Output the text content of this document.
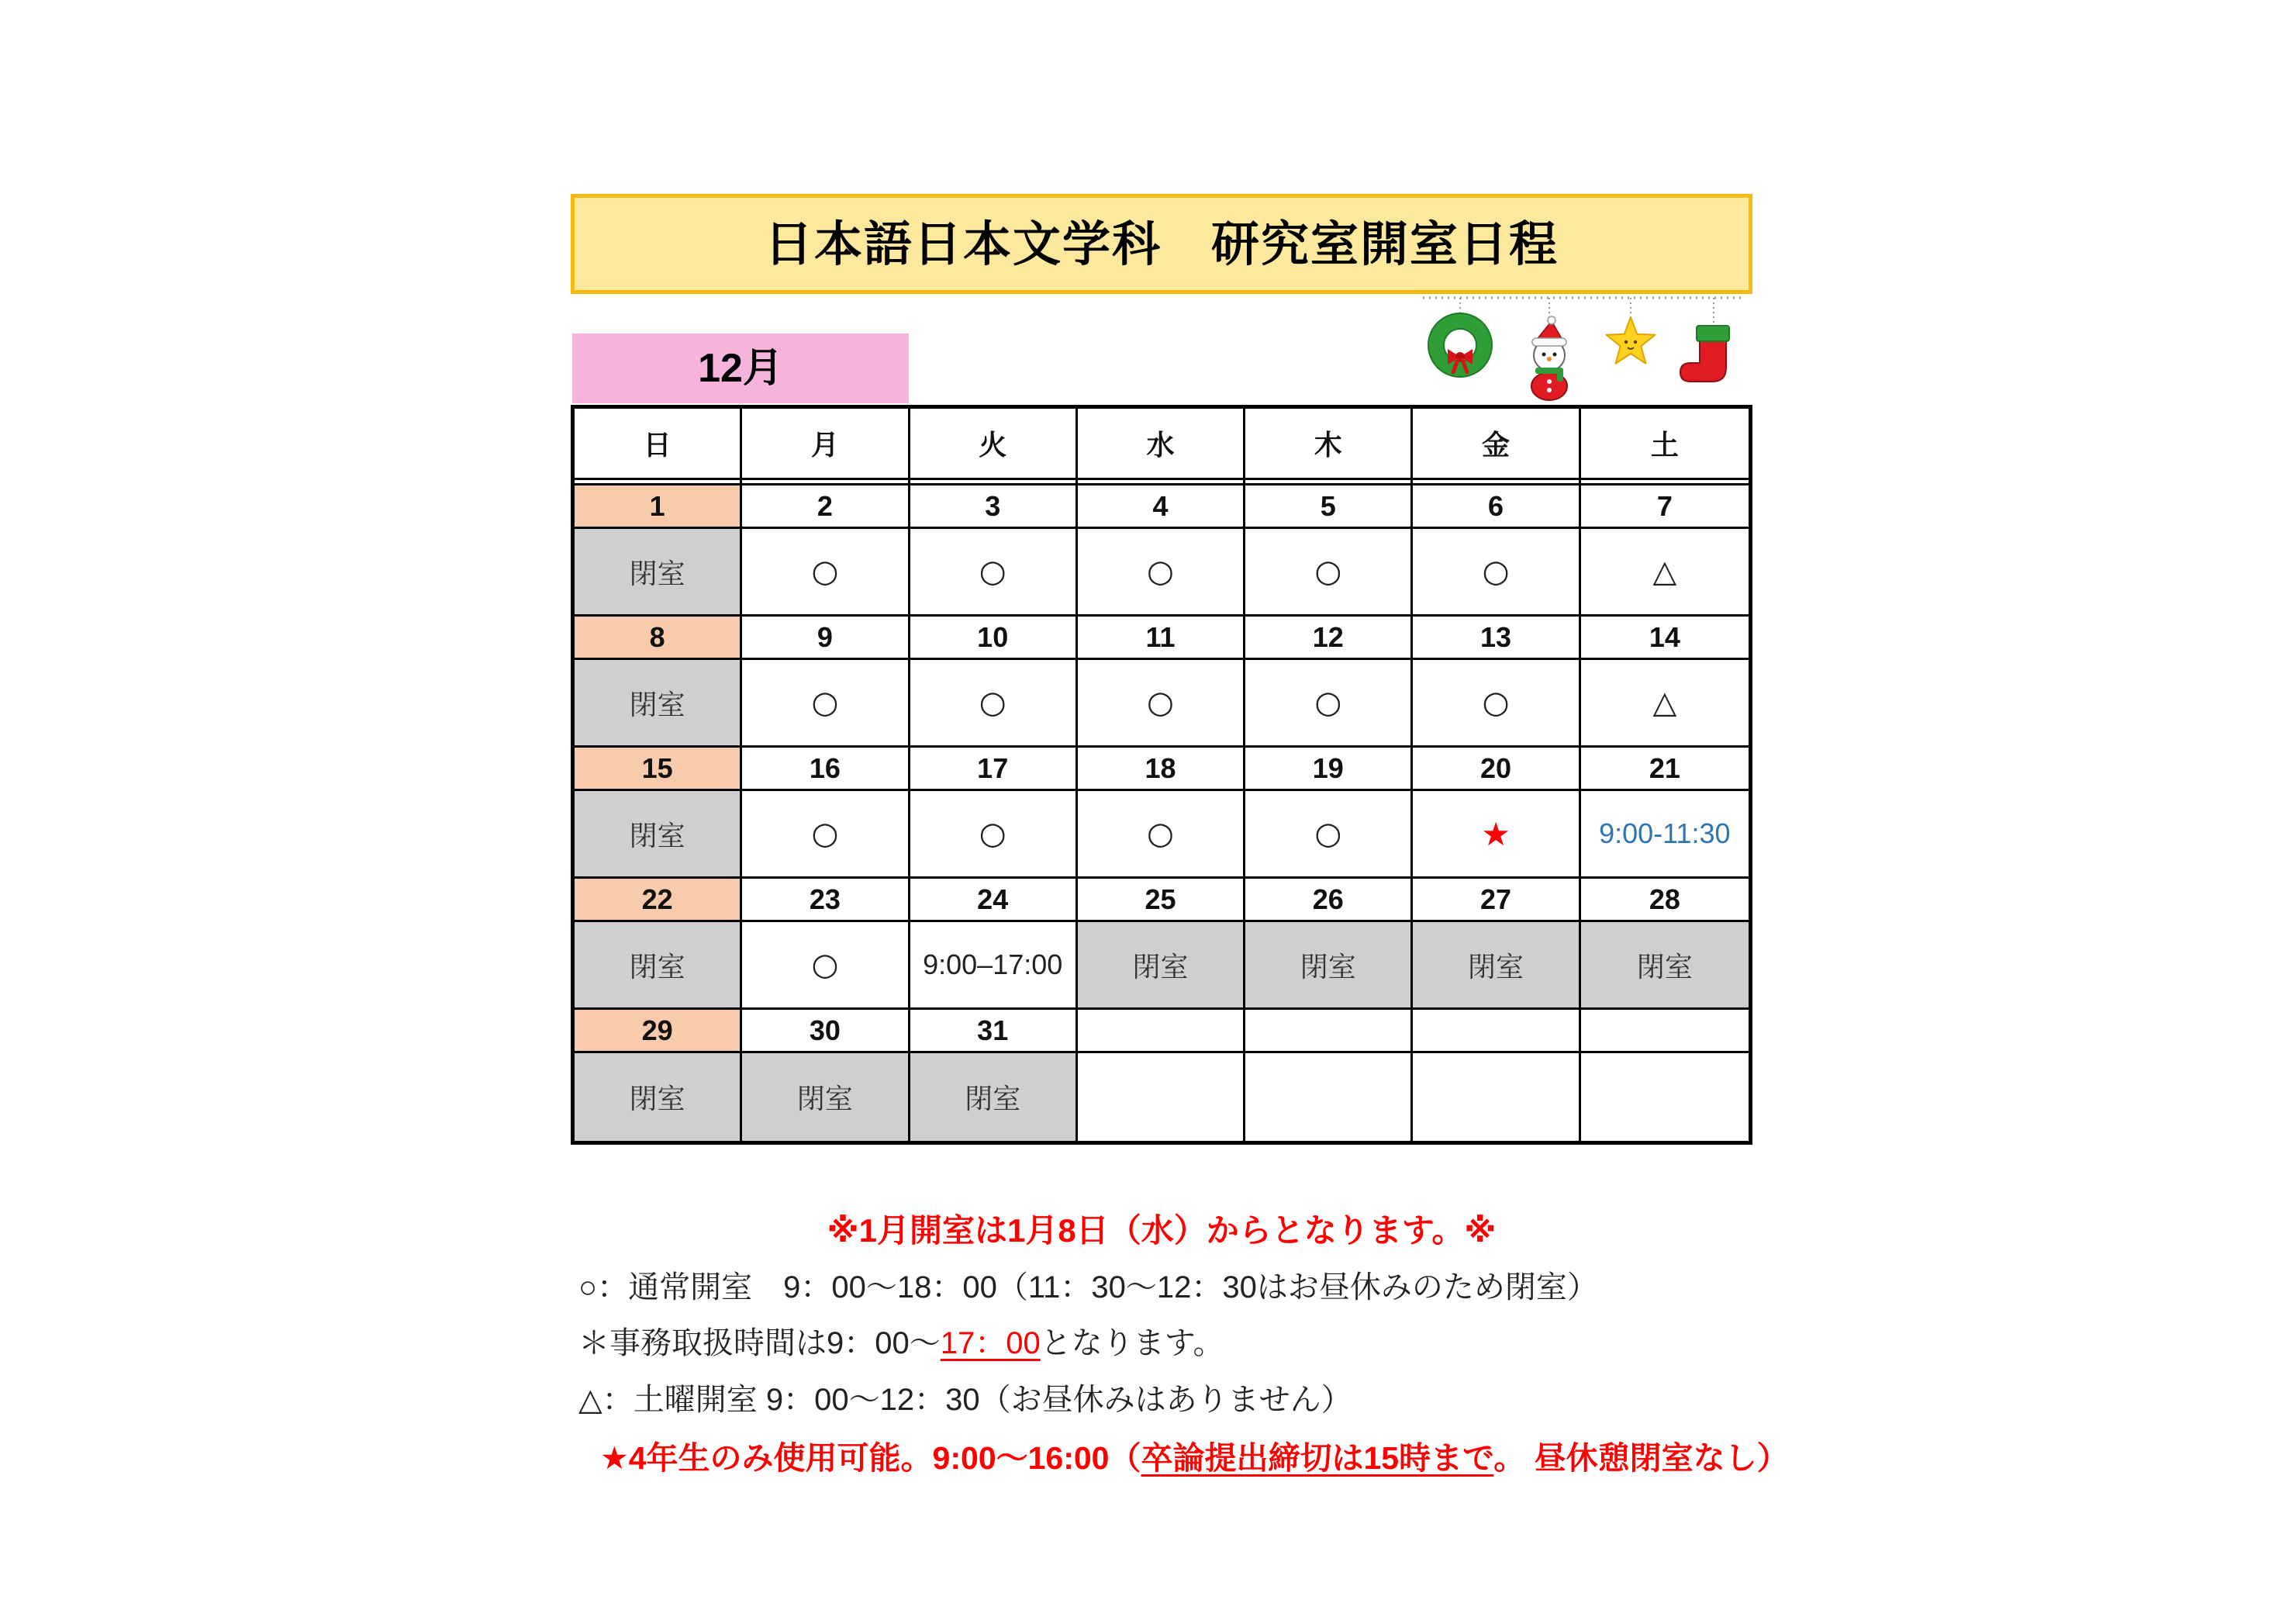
日本語日本文学科　研究室開室日程
12月
日	月	火	水	木	金	土
1	2	3	4	5	6	7
閉室	○	○	○	○	○	△
8	9	10	11	12	13	14
閉室	○	○	○	○	○	△
15	16	17	18	19	20	21
閉室	○	○	○	○	★	9:00-11:30
22	23	24	25	26	27	28
閉室	○	9:00–17:00	閉室	閉室	閉室	閉室
29	30	31
閉室	閉室	閉室
※1月開室は1月8日（水）からとなります。※
○：通常開室　9：00〜18：00（11：30〜12：30はお昼休みのため閉室）
＊事務取扱時間は9：00〜17：00となります。
△：土曜開室 9：00〜12：30（お昼休みはありません）
★4年生のみ使用可能。9:00〜16:00（卒論提出締切は15時まで。 昼休憩閉室なし）
